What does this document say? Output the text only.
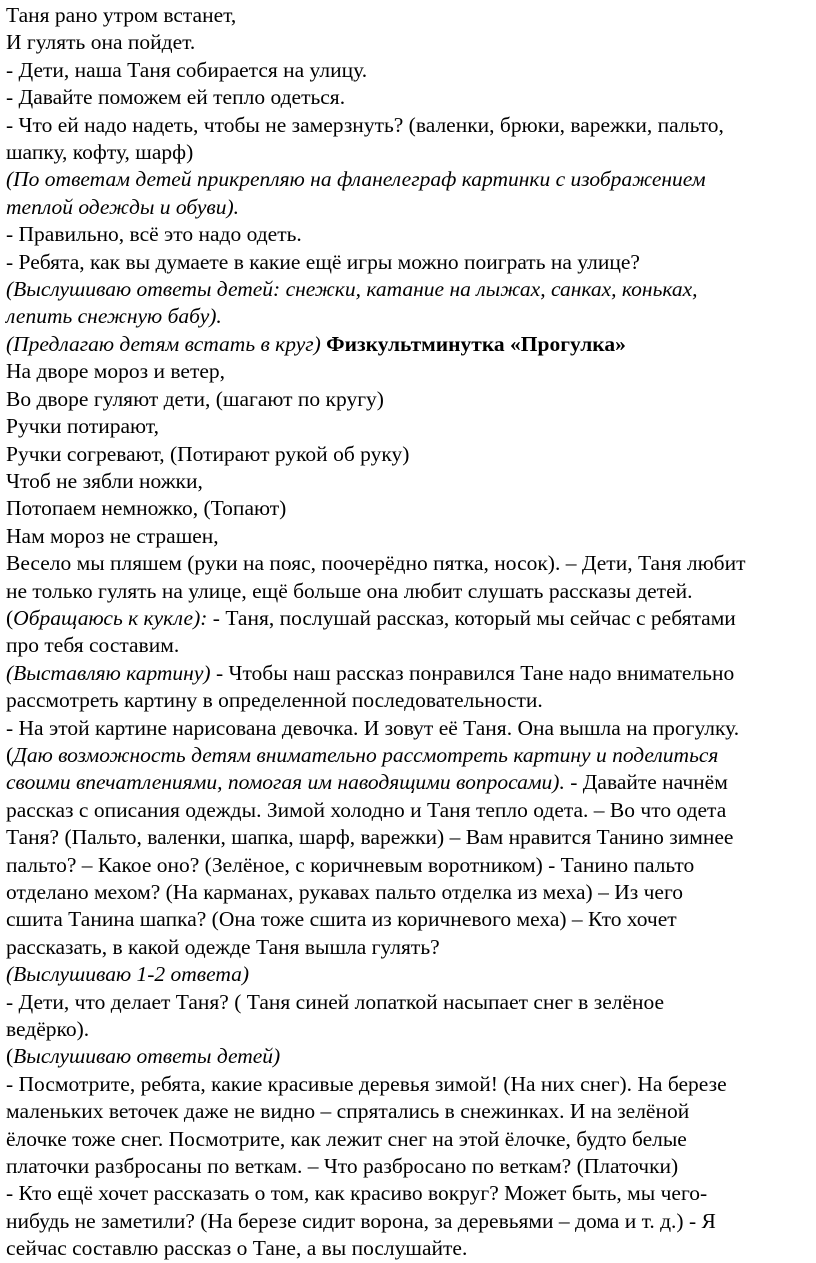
Таня рано утром встанет,
И гулять она пойдет.
- Дети, наша Таня собирается на улицу.
- Давайте поможем ей тепло одеться.
- Что ей надо надеть, чтобы не замерзнуть? (валенки, брюки, варежки, пальто,
шапку, кофту, шарф)
(По ответам детей прикрепляю на фланелеграф картинки с изображением
теплой одежды и обуви).
- Правильно, всё это надо одеть.
- Ребята, как вы думаете в какие ещё игры можно поиграть на улице?
(Выслушиваю ответы детей: снежки, катание на лыжах, санках, коньках,
лепить снежную бабу).
(Предлагаю детям встать в круг) Физкультминутка «Прогулка»
На дворе мороз и ветер,
Во дворе гуляют дети, (шагают по кругу)
Ручки потирают,
Ручки согревают, (Потирают рукой об руку)
Чтоб не зябли ножки,
Потопаем немножко, (Топают)
Нам мороз не страшен,
Весело мы пляшем (руки на пояс, поочерёдно пятка, носок). – Дети, Таня любит
не только гулять на улице, ещё больше она любит слушать рассказы детей.
(Обращаюсь к кукле): - Таня, послушай рассказ, который мы сейчас с ребятами
про тебя составим.
(Выставляю картину) - Чтобы наш рассказ понравился Тане надо внимательно
рассмотреть картину в определенной последовательности.
- На этой картине нарисована девочка. И зовут её Таня. Она вышла на прогулку.
(Даю возможность детям внимательно рассмотреть картину и поделиться
своими впечатлениями, помогая им наводящими вопросами). - Давайте начнём
рассказ с описания одежды. Зимой холодно и Таня тепло одета. – Во что одета
Таня? (Пальто, валенки, шапка, шарф, варежки) – Вам нравится Танино зимнее
пальто? – Какое оно? (Зелёное, с коричневым воротником) - Танино пальто
отделано мехом? (На карманах, рукавах пальто отделка из меха) – Из чего
сшита Танина шапка? (Она тоже сшита из коричневого меха) – Кто хочет
рассказать, в какой одежде Таня вышла гулять?
(Выслушиваю 1-2 ответа)
- Дети, что делает Таня? ( Таня синей лопаткой насыпает снег в зелёное
ведёрко).
(Выслушиваю ответы детей)
- Посмотрите, ребята, какие красивые деревья зимой! (На них снег). На березе
маленьких веточек даже не видно – спрятались в снежинках. И на зелёной
ёлочке тоже снег. Посмотрите, как лежит снег на этой ёлочке, будто белые
платочки разбросаны по веткам. – Что разбросано по веткам? (Платочки)
- Кто ещё хочет рассказать о том, как красиво вокруг? Может быть, мы чего-
нибудь не заметили? (На березе сидит ворона, за деревьями – дома и т. д.) - Я
сейчас составлю рассказ о Тане, а вы послушайте.
